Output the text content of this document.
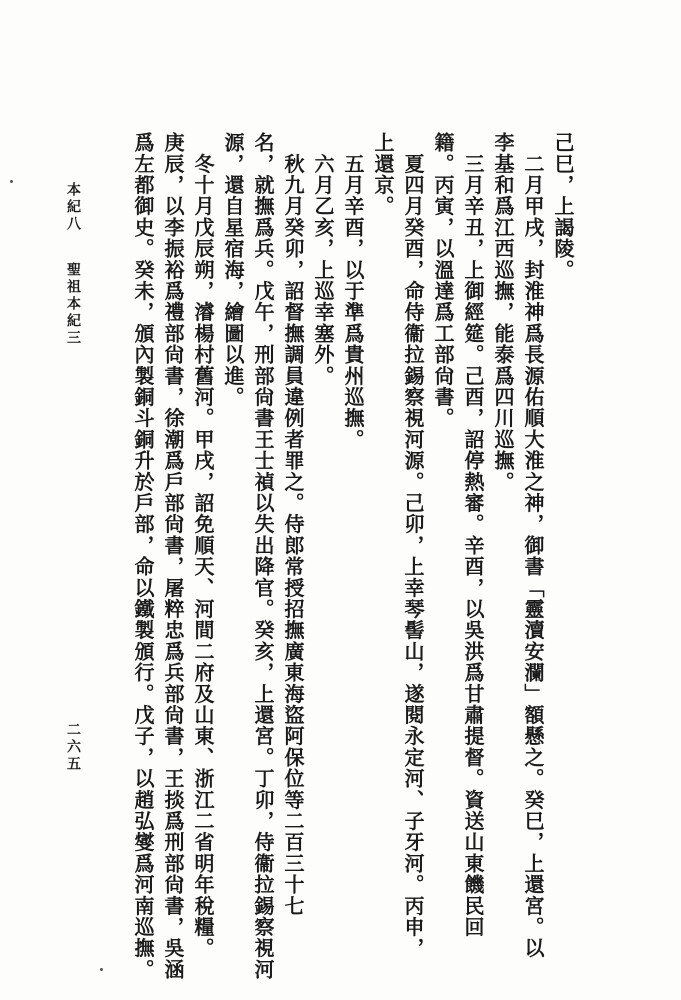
己巳，上謁陵。
　二月甲戌，封淮神爲長源佑順大淮之神，御書「靈瀆安瀾」額懸之。癸巳，上還宮。以
李基和爲江西巡撫，能泰爲四川巡撫。
　三月辛丑，上御經筵。己酉，詔停熱審。辛酉，以吳洪爲甘肅提督。資送山東饑民回
籍。丙寅，以溫達爲工部尙書。
　夏四月癸酉，命侍衞拉錫察視河源。己卯，上幸琴髻山，遂閱永定河、子牙河。丙申，
上還京。
　五月辛酉，以于準爲貴州巡撫。
　六月乙亥，上巡幸塞外。
　秋九月癸卯，詔督撫調員違例者罪之。侍郎常授招撫廣東海盜阿保位等二百三十七
名，就撫爲兵。戊午，刑部尙書王士禎以失出降官。癸亥，上還宮。丁卯，侍衞拉錫察視河
源，還自星宿海，繪圖以進。
　冬十月戊辰朔，濬楊村舊河。甲戌，詔免順天、河間二府及山東、浙江二省明年稅糧。
庚辰，以李振裕爲禮部尙書，徐潮爲戶部尙書，屠粹忠爲兵部尙書，王掞爲刑部尙書，吳涵
爲左都御史。癸未，頒內製銅斗銅升於戶部，命以鐵製頒行。戊子，以趙弘燮爲河南巡撫。
本紀八
聖祖本紀三
二六五
